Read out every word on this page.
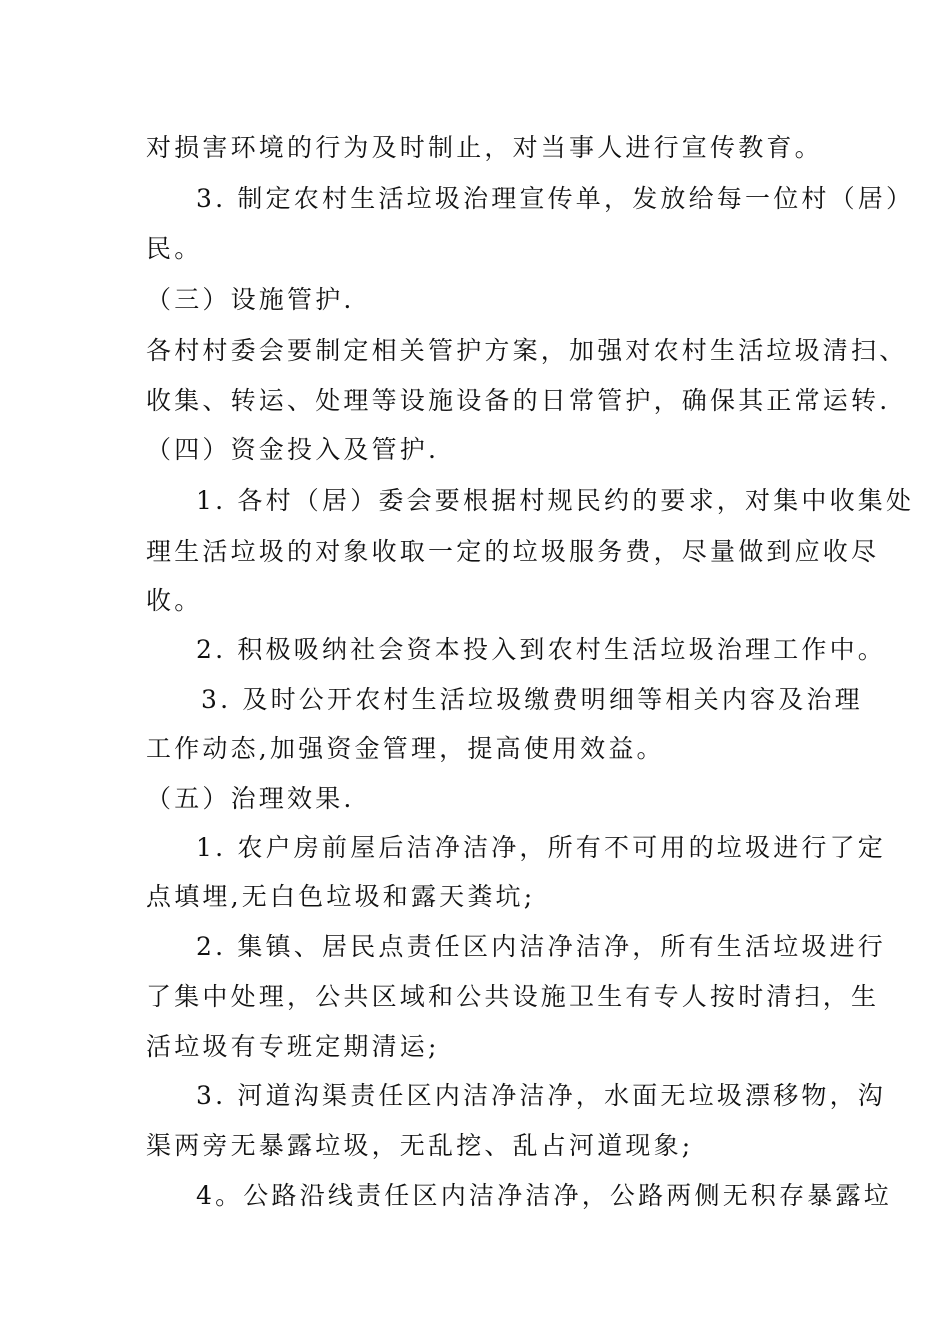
对损害环境的行为及时制止，对当事人进行宣传教育。
3. 制定农村生活垃圾治理宣传单，发放给每一位村（居）
民。
（三）设施管护.
各村村委会要制定相关管护方案，加强对农村生活垃圾清扫、
收集、转运、处理等设施设备的日常管护，确保其正常运转.
（四）资金投入及管护.
1. 各村（居）委会要根据村规民约的要求，对集中收集处
理生活垃圾的对象收取一定的垃圾服务费，尽量做到应收尽
收。
2. 积极吸纳社会资本投入到农村生活垃圾治理工作中。
3. 及时公开农村生活垃圾缴费明细等相关内容及治理
工作动态,加强资金管理，提高使用效益。
（五）治理效果.
1. 农户房前屋后洁净洁净，所有不可用的垃圾进行了定
点填埋,无白色垃圾和露天粪坑;
2. 集镇、居民点责任区内洁净洁净，所有生活垃圾进行
了集中处理，公共区域和公共设施卫生有专人按时清扫，生
活垃圾有专班定期清运;
3. 河道沟渠责任区内洁净洁净，水面无垃圾漂移物，沟
渠两旁无暴露垃圾，无乱挖、乱占河道现象;
4。公路沿线责任区内洁净洁净，公路两侧无积存暴露垃
